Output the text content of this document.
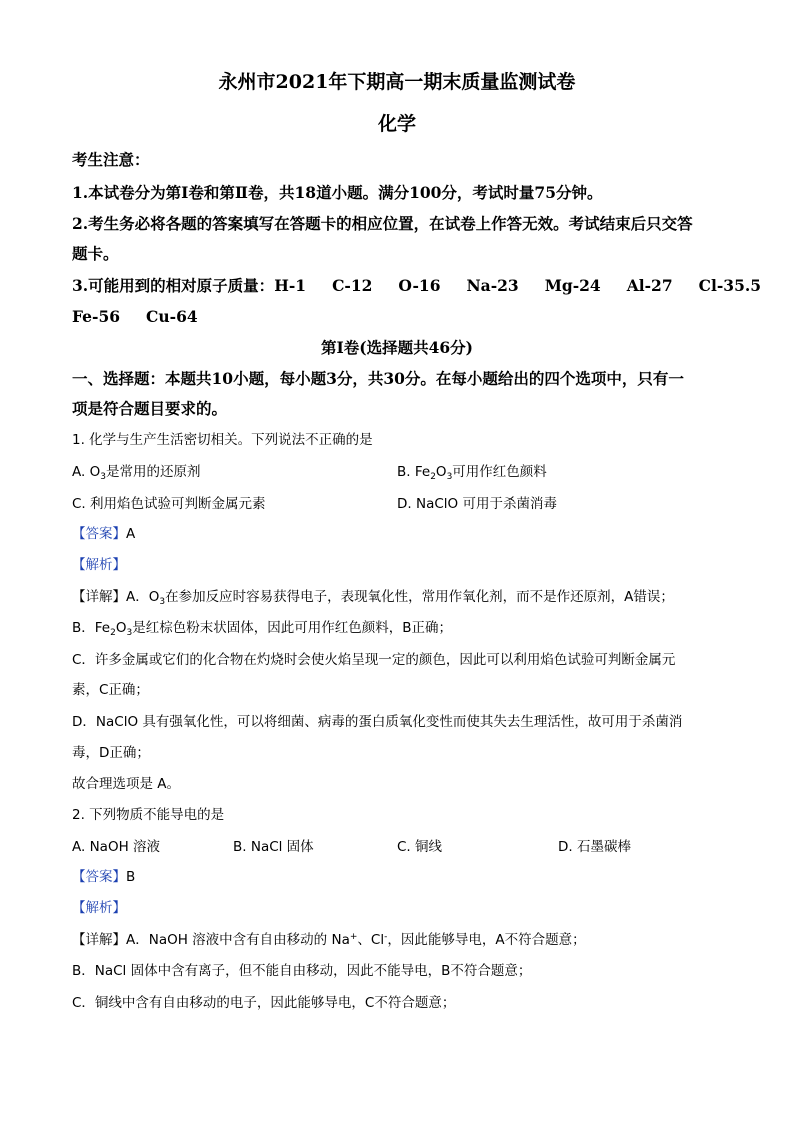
永州市2021年下期高一期末质量监测试卷
化学
考生注意：
1.本试卷分为第Ⅰ卷和第Ⅱ卷，共18道小题。满分100分，考试时量75分钟。
2.考生务必将各题的答案填写在答题卡的相应位置，在试卷上作答无效。考试结束后只交答
题卡。
3.可能用到的相对原子质量：H-1 C-12 O-16 Na-23 Mg-24 Al-27 Cl-35.5
Fe-56 Cu-64
第Ⅰ卷(选择题共46分)
一、选择题：本题共10小题，每小题3分，共30分。在每小题给出的四个选项中，只有一
项是符合题目要求的。
1. 化学与生产生活密切相关。下列说法不正确的是
A. $O_3$是常用的还原剂	B. $Fe_2O_3$可用作红色颜料
C. 利用焰色试验可判断金属元素	D. NaClO 可用于杀菌消毒
【答案】A
【解析】
【详解】A．$O_3$在参加反应时容易获得电子，表现氧化性，常用作氧化剂，而不是作还原剂，A错误；
B．$Fe_2O_3$是红棕色粉末状固体，因此可用作红色颜料，B正确；
C．许多金属或它们的化合物在灼烧时会使火焰呈现一定的颜色，因此可以利用焰色试验可判断金属元
素，C正确；
D．NaClO 具有强氧化性，可以将细菌、病毒的蛋白质氧化变性而使其失去生理活性，故可用于杀菌消
毒，D正确；
故合理选项是 A。
2. 下列物质不能导电的是
A. NaOH 溶液	B. NaCl 固体	C. 铜线	D. 石墨碳棒
【答案】B
【解析】
【详解】A．NaOH 溶液中含有自由移动的 Na+、Cl-，因此能够导电，A不符合题意；
B．NaCl 固体中含有离子，但不能自由移动，因此不能导电，B不符合题意；
C．铜线中含有自由移动的电子，因此能够导电，C不符合题意；
